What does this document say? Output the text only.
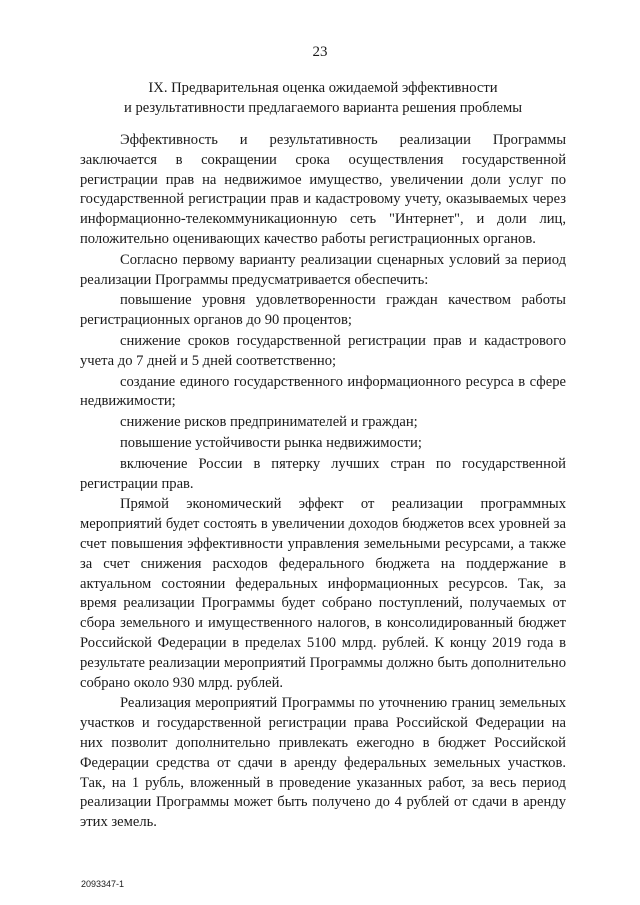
23
IX. Предварительная оценка ожидаемой эффективности
и результативности предлагаемого варианта решения проблемы

Эффективность и результативность реализации Программы заключается в сокращении срока осуществления государственной регистрации прав на недвижимое имущество, увеличении доли услуг по государственной регистрации прав и кадастровому учету, оказываемых через информационно-телекоммуникационную сеть "Интернет", и доли лиц, положительно оценивающих качество работы регистрационных органов.

Согласно первому варианту реализации сценарных условий за период реализации Программы предусматривается обеспечить:

повышение уровня удовлетворенности граждан качеством работы регистрационных органов до 90 процентов;

снижение сроков государственной регистрации прав и кадастрового учета до 7 дней и 5 дней соответственно;

создание единого государственного информационного ресурса в сфере недвижимости;

снижение рисков предпринимателей и граждан;

повышение устойчивости рынка недвижимости;

включение России в пятерку лучших стран по государственной регистрации прав.

Прямой экономический эффект от реализации программных мероприятий будет состоять в увеличении доходов бюджетов всех уровней за счет повышения эффективности управления земельными ресурсами, а также за счет снижения расходов федерального бюджета на поддержание в актуальном состоянии федеральных информационных ресурсов. Так, за время реализации Программы будет собрано поступлений, получаемых от сбора земельного и имущественного налогов, в консолидированный бюджет Российской Федерации в пределах 5100 млрд. рублей. К концу 2019 года в результате реализации мероприятий Программы должно быть дополнительно собрано около 930 млрд. рублей.

Реализация мероприятий Программы по уточнению границ земельных участков и государственной регистрации права Российской Федерации на них позволит дополнительно привлекать ежегодно в бюджет Российской Федерации средства от сдачи в аренду федеральных земельных участков. Так, на 1 рубль, вложенный в проведение указанных работ, за весь период реализации Программы может быть получено до 4 рублей от сдачи в аренду этих земель.

2093347-1
